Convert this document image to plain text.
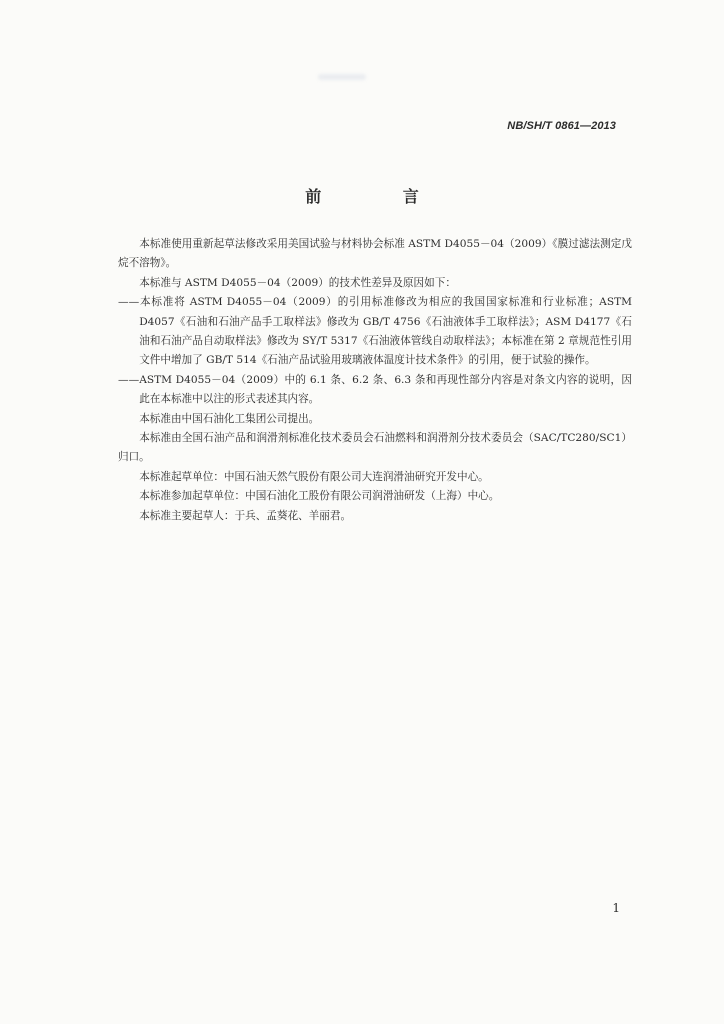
NB/SH/T 0861—2013
前 言

本标准使用重新起草法修改采用美国试验与材料协会标准 ASTM D4055－04（2009）《膜过滤法测定戊烷不溶物》。

本标准与 ASTM D4055－04（2009）的技术性差异及原因如下：

——本标准将 ASTM D4055－04（2009）的引用标准修改为相应的我国国家标准和行业标准；ASTM D4057《石油和石油产品手工取样法》修改为 GB/T 4756《石油液体手工取样法》；ASM D4177《石油和石油产品自动取样法》修改为 SY/T 5317《石油液体管线自动取样法》；本标准在第 2 章规范性引用文件中增加了 GB/T 514《石油产品试验用玻璃液体温度计技术条件》的引用，便于试验的操作。

——ASTM D4055－04（2009）中的 6.1 条、6.2 条、6.3 条和再现性部分内容是对条文内容的说明，因此在本标准中以注的形式表述其内容。

本标准由中国石油化工集团公司提出。

本标准由全国石油产品和润滑剂标准化技术委员会石油燃料和润滑剂分技术委员会（SAC/TC280/SC1）归口。

本标准起草单位：中国石油天然气股份有限公司大连润滑油研究开发中心。

本标准参加起草单位：中国石油化工股份有限公司润滑油研发（上海）中心。

本标准主要起草人：于兵、孟葵花、羊丽君。

1
